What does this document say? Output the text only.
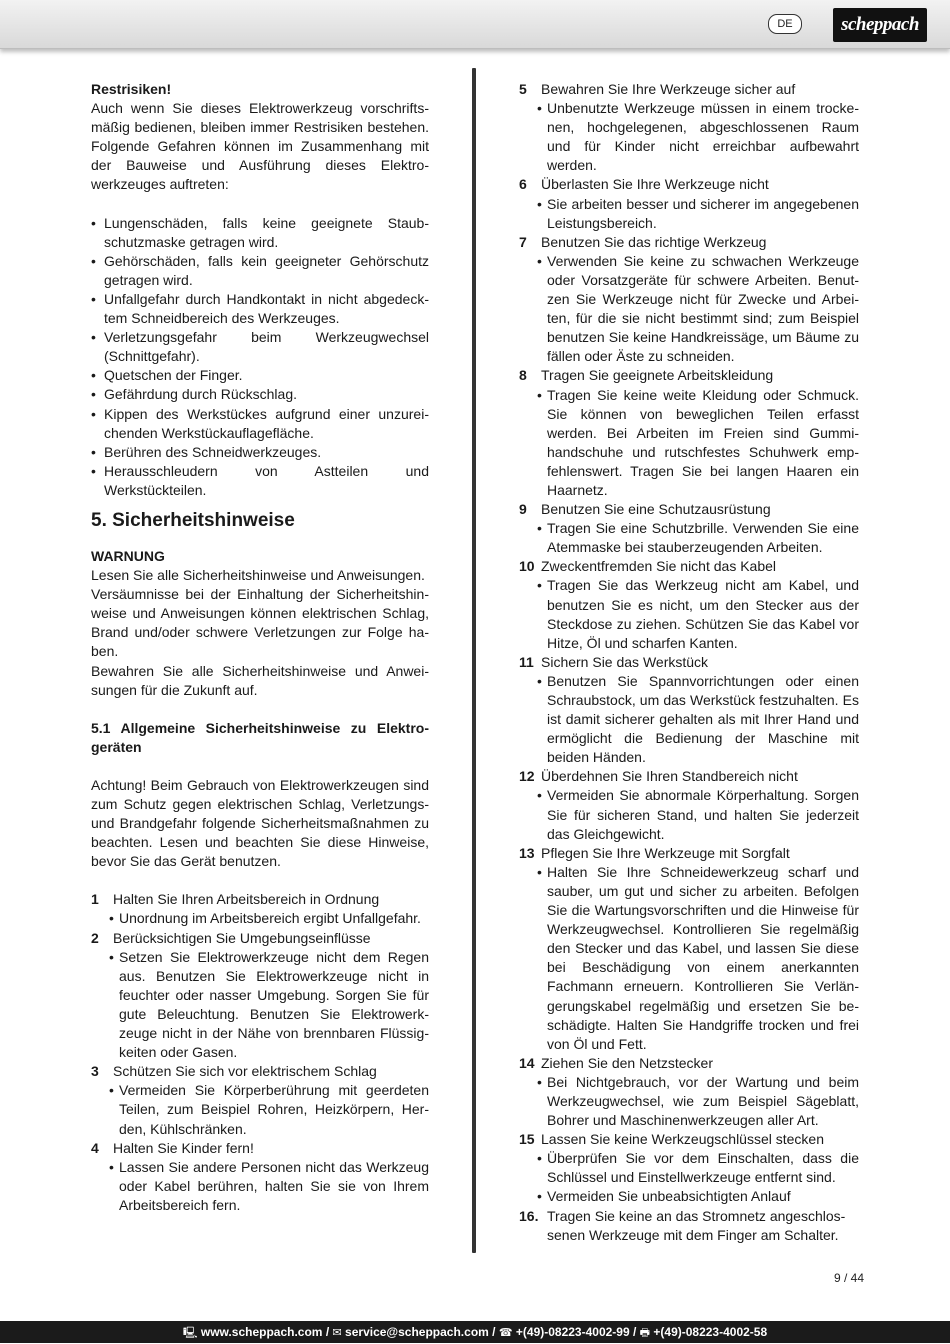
DE	scheppach

Restrisiken!

Auch wenn Sie dieses Elektrowerkzeug vorschriftsmäßig bedienen, bleiben immer Restrisiken bestehen. Folgende Gefahren können im Zusammenhang mit der Bauweise und Ausführung dieses Elektrowerkzeuges auftreten:

• Lungenschäden, falls keine geeignete Staubschutzmaske getragen wird.
• Gehörschäden, falls kein geeigneter Gehörschutz getragen wird.
• Unfallgefahr durch Handkontakt in nicht abgedecktem Schneidbereich des Werkzeuges.
• Verletzungsgefahr beim Werkzeugwechsel (Schnittgefahr).
• Quetschen der Finger.
• Gefährdung durch Rückschlag.
• Kippen des Werkstückes aufgrund einer unzureichenden Werkstückauflagefläche.
• Berühren des Schneidwerkzeuges.
• Herausschleudern von Astteilen und Werkstückteilen.
5. Sicherheitshinweise

WARNUNG

Lesen Sie alle Sicherheitshinweise und Anweisungen.

Versäumnisse bei der Einhaltung der Sicherheitshinweise und Anweisungen können elektrischen Schlag, Brand und/oder schwere Verletzungen zur Folge haben.

Bewahren Sie alle Sicherheitshinweise und Anweisungen für die Zukunft auf.

5.1 Allgemeine Sicherheitshinweise zu Elektrogeräten

Achtung! Beim Gebrauch von Elektrowerkzeugen sind zum Schutz gegen elektrischen Schlag, Verletzungs- und Brandgefahr folgende Sicherheitsmaßnahmen zu beachten. Lesen und beachten Sie diese Hinweise, bevor Sie das Gerät benutzen.

1 Halten Sie Ihren Arbeitsbereich in Ordnung
• Unordnung im Arbeitsbereich ergibt Unfallgefahr.
2 Berücksichtigen Sie Umgebungseinflüsse
• Setzen Sie Elektrowerkzeuge nicht dem Regen aus. Benutzen Sie Elektrowerkzeuge nicht in feuchter oder nasser Umgebung. Sorgen Sie für gute Beleuchtung. Benutzen Sie Elektrowerkzeuge nicht in der Nähe von brennbaren Flüssigkeiten oder Gasen.
3 Schützen Sie sich vor elektrischem Schlag
• Vermeiden Sie Körperberührung mit geerdeten Teilen, zum Beispiel Rohren, Heizkörpern, Herden, Kühlschränken.
4 Halten Sie Kinder fern!
• Lassen Sie andere Personen nicht das Werkzeug oder Kabel berühren, halten Sie sie von Ihrem Arbeitsbereich fern.
5 Bewahren Sie Ihre Werkzeuge sicher auf
• Unbenutzte Werkzeuge müssen in einem trockenen, hochgelegenen, abgeschlossenen Raum und für Kinder nicht erreichbar aufbewahrt werden.
6 Überlasten Sie Ihre Werkzeuge nicht
• Sie arbeiten besser und sicherer im angegebenen Leistungsbereich.
7 Benutzen Sie das richtige Werkzeug
• Verwenden Sie keine zu schwachen Werkzeuge oder Vorsatzgeräte für schwere Arbeiten. Benutzen Sie Werkzeuge nicht für Zwecke und Arbeiten, für die sie nicht bestimmt sind; zum Beispiel benutzen Sie keine Handkreissäge, um Bäume zu fällen oder Äste zu schneiden.
8 Tragen Sie geeignete Arbeitskleidung
• Tragen Sie keine weite Kleidung oder Schmuck. Sie können von beweglichen Teilen erfasst werden. Bei Arbeiten im Freien sind Gummihandschuhe und rutschfestes Schuhwerk empfehlenswert. Tragen Sie bei langen Haaren ein Haarnetz.
9 Benutzen Sie eine Schutzausrüstung
• Tragen Sie eine Schutzbrille. Verwenden Sie eine Atemmaske bei stauberzeugenden Arbeiten.
10 Zweckentfremden Sie nicht das Kabel
• Tragen Sie das Werkzeug nicht am Kabel, und benutzen Sie es nicht, um den Stecker aus der Steckdose zu ziehen. Schützen Sie das Kabel vor Hitze, Öl und scharfen Kanten.
11 Sichern Sie das Werkstück
• Benutzen Sie Spannvorrichtungen oder einen Schraubstock, um das Werkstück festzuhalten. Es ist damit sicherer gehalten als mit Ihrer Hand und ermöglicht die Bedienung der Maschine mit beiden Händen.
12 Überdehnen Sie Ihren Standbereich nicht
• Vermeiden Sie abnormale Körperhaltung. Sorgen Sie für sicheren Stand, und halten Sie jederzeit das Gleichgewicht.
13 Pflegen Sie Ihre Werkzeuge mit Sorgfalt
• Halten Sie Ihre Schneidewerkzeug scharf und sauber, um gut und sicher zu arbeiten. Befolgen Sie die Wartungsvorschriften und die Hinweise für Werkzeugwechsel. Kontrollieren Sie regelmäßig den Stecker und das Kabel, und lassen Sie diese bei Beschädigung von einem anerkannten Fachmann erneuern. Kontrollieren Sie Verlängerungskabel regelmäßig und ersetzen Sie beschädigte. Halten Sie Handgriffe trocken und frei von Öl und Fett.
14 Ziehen Sie den Netzstecker
• Bei Nichtgebrauch, vor der Wartung und beim Werkzeugwechsel, wie zum Beispiel Sägeblatt, Bohrer und Maschinenwerkzeugen aller Art.
15 Lassen Sie keine Werkzeugschlüssel stecken
• Überprüfen Sie vor dem Einschalten, dass die Schlüssel und Einstellwerkzeuge entfernt sind.
• Vermeiden Sie unbeabsichtigten Anlauf
16. Tragen Sie keine an das Stromnetz angeschlossenen Werkzeuge mit dem Finger am Schalter.
9 / 44
🖳 www.scheppach.com / ✉ service@scheppach.com / ☎ +(49)-08223-4002-99 / 🖶 +(49)-08223-4002-58
